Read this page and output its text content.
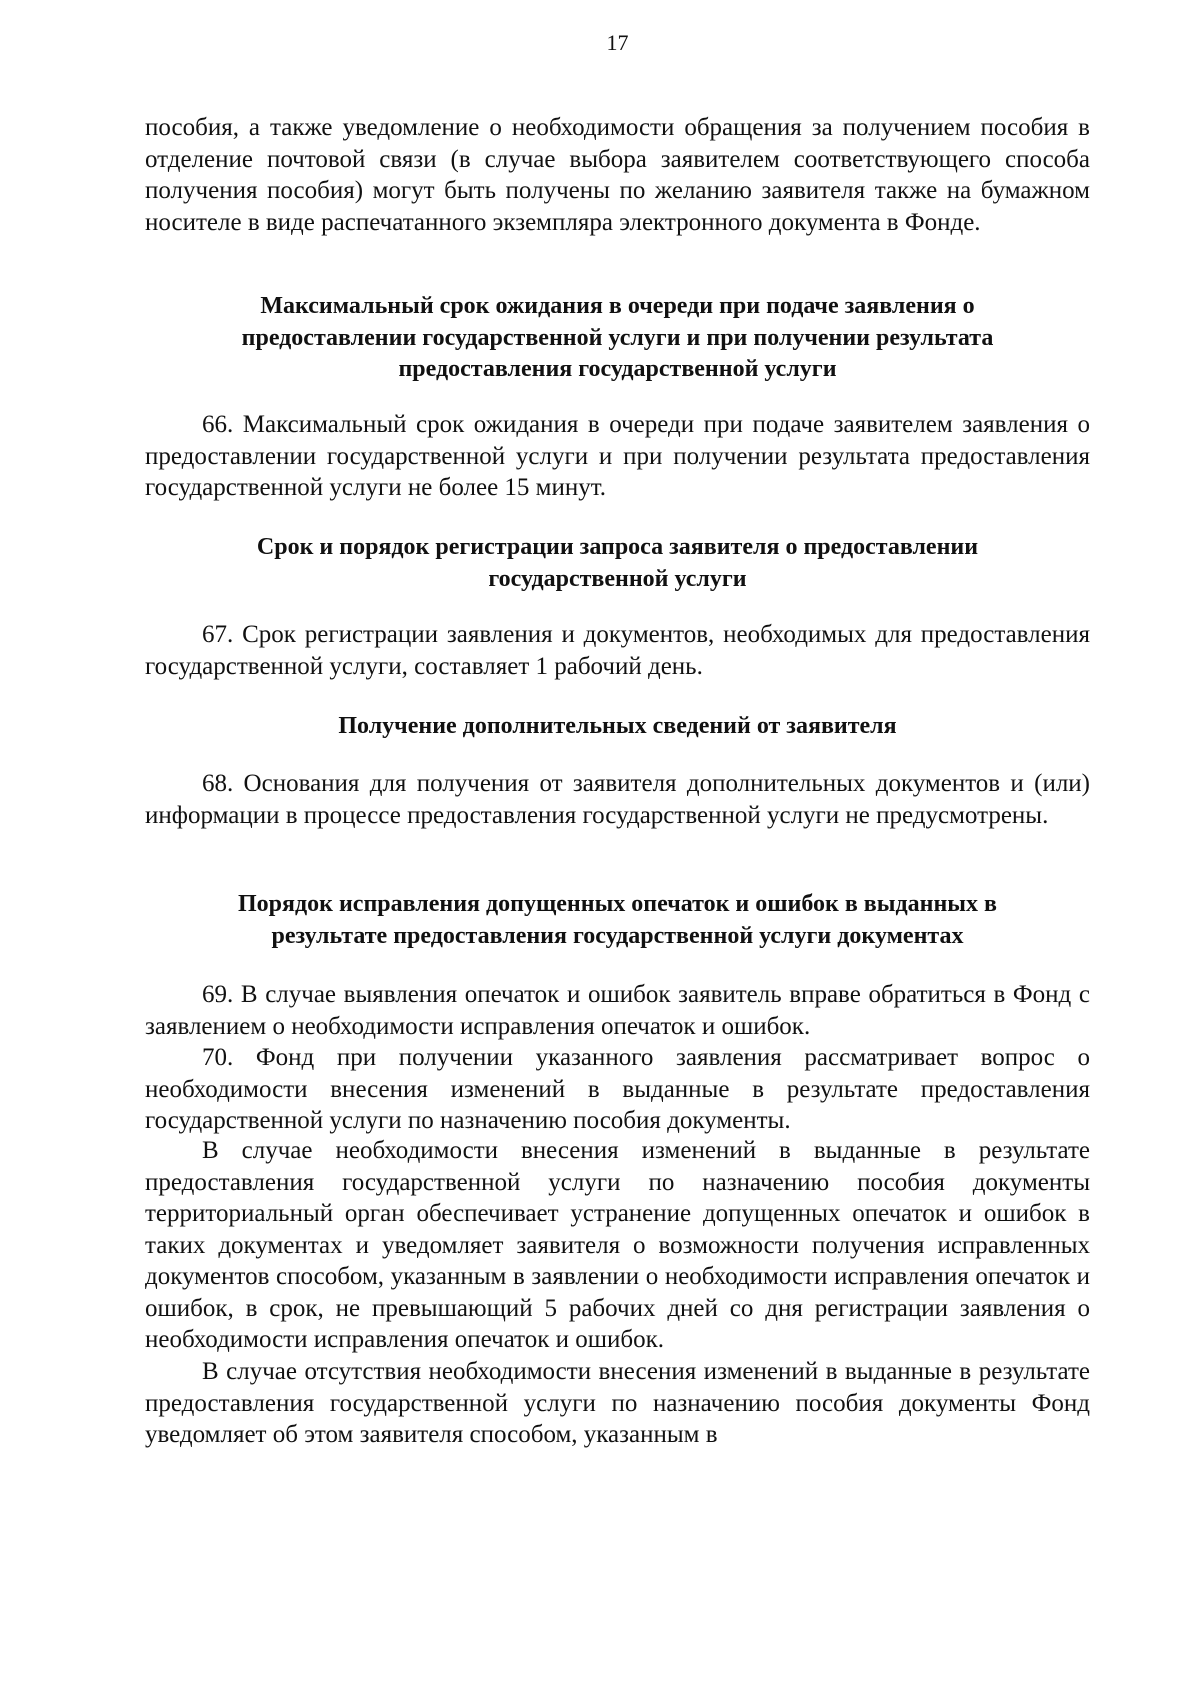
17

пособия, а также уведомление о необходимости обращения за получением пособия в отделение почтовой связи (в случае выбора заявителем соответствующего способа получения пособия) могут быть получены по желанию заявителя также на бумажном носителе в виде распечатанного экземпляра электронного документа в Фонде.

Максимальный срок ожидания в очереди при подаче заявления о предоставлении государственной услуги и при получении результата предоставления государственной услуги

66. Максимальный срок ожидания в очереди при подаче заявителем заявления о предоставлении государственной услуги и при получении результата предоставления государственной услуги не более 15 минут.

Срок и порядок регистрации запроса заявителя о предоставлении государственной услуги

67. Срок регистрации заявления и документов, необходимых для предоставления государственной услуги, составляет 1 рабочий день.

Получение дополнительных сведений от заявителя

68. Основания для получения от заявителя дополнительных документов и (или) информации в процессе предоставления государственной услуги не предусмотрены.

Порядок исправления допущенных опечаток и ошибок в выданных в результате предоставления государственной услуги документах

69. В случае выявления опечаток и ошибок заявитель вправе обратиться в Фонд с заявлением о необходимости исправления опечаток и ошибок.

70. Фонд при получении указанного заявления рассматривает вопрос о необходимости внесения изменений в выданные в результате предоставления государственной услуги по назначению пособия документы.

В случае необходимости внесения изменений в выданные в результате предоставления государственной услуги по назначению пособия документы территориальный орган обеспечивает устранение допущенных опечаток и ошибок в таких документах и уведомляет заявителя о возможности получения исправленных документов способом, указанным в заявлении о необходимости исправления опечаток и ошибок, в срок, не превышающий 5 рабочих дней со дня регистрации заявления о необходимости исправления опечаток и ошибок.

В случае отсутствия необходимости внесения изменений в выданные в результате предоставления государственной услуги по назначению пособия документы Фонд уведомляет об этом заявителя способом, указанным в
